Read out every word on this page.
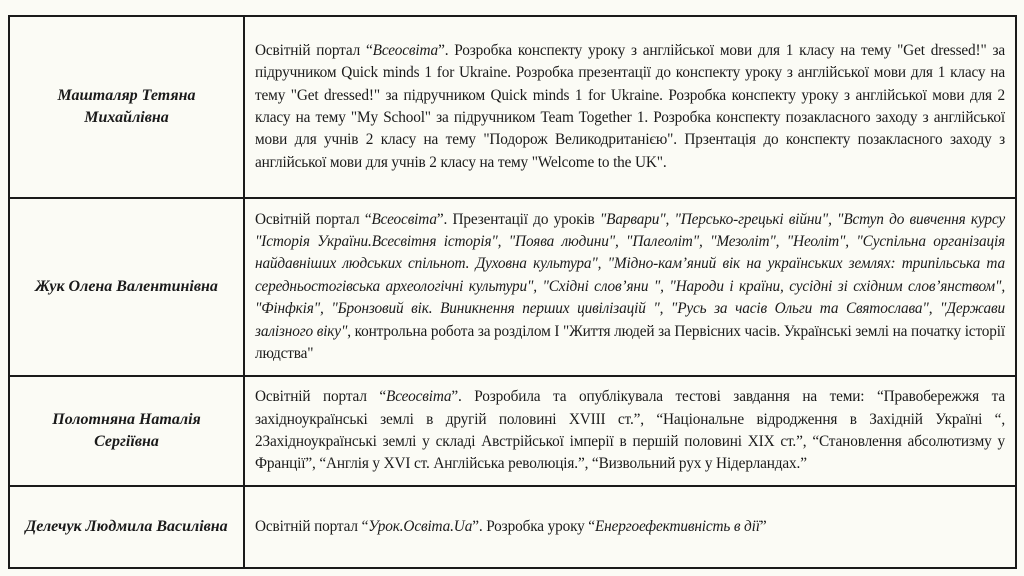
Машталяр Тетяна Михайлівна	Освітній портал “Всеосвіта”. Розробка конспекту уроку з англійської мови для 1 класу на тему "Get dressed!" за підручником Quick minds 1 for Ukraine. Розробка презентації до конспекту уроку з англійської мови для 1 класу на тему "Get dressed!" за підручником Quick minds 1 for Ukraine. Розробка конспекту уроку з англійської мови для 2 класу на тему "My School" за підручником Team Together 1. Розробка конспекту позакласного заходу з англійської мови для учнів 2 класу на тему "Подорож Великодританією". Прзентація до конспекту позакласного заходу з англійської мови для учнів 2 класу на тему "Welcome to the UK".
Жук Олена Валентинівна	Освітній портал “Всеосвіта”. Презентації до уроків "Варвари", "Персько-грецькі війни", "Вступ до вивчення курсу "Історія України.Всесвітня історія", "Поява людини", "Палеоліт", "Мезоліт", "Неоліт", "Суспільна організація найдавніших людських спільнот. Духовна культура", "Мідно-кам’яний вік на українських землях: трипільська та середньостогівська археологічні культури", "Східні слов’яни ", "Народи і країни, сусідні зі східним слов’янством", "Фінфкія", "Бронзовий вік. Виникнення перших цивілізацій ", "Русь за часів Ольги та Святослава", "Держави залізного віку", контрольна робота за розділом І "Життя людей за Первісних часів. Українські землі на початку історії людства"
Полотняна Наталія Сергіївна	Освітній портал “Всеосвіта”. Розробила та опублікувала тестові завдання на теми: “Правобережжя та західноукраїнські землі в другій половині XVIII ст.”, “Національне відродження в Західній Україні “, 2Західноукраїнські землі у складі Австрійської імперії в першій половині XIX ст.”, “Становлення абсолютизму у Франції”, “Англія у XVI ст. Англійська революція.”, “Визвольний рух у Нідерландах.”
Делечук Людмила Василівна	Освітній портал “Урок.Освіта.Ua”. Розробка уроку “Енергоефективність в дії”
